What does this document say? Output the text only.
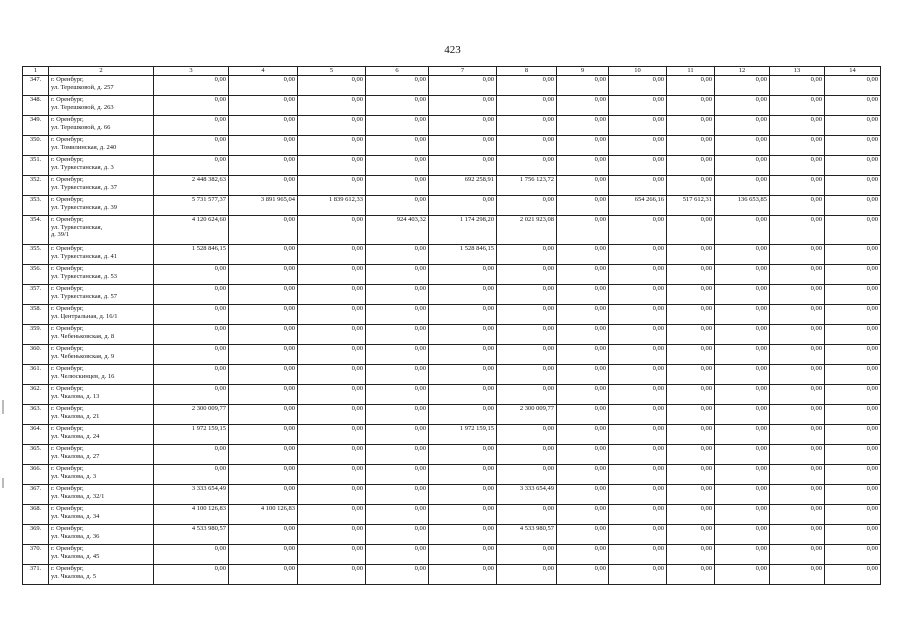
423
1	2	3	4	5	6	7	8	9	10	11	12	13	14
347.	г. Оренбург,
ул. Терешковой, д. 257	0,00	0,00	0,00	0,00	0,00	0,00	0,00	0,00	0,00	0,00	0,00	0,00
348.	г. Оренбург,
ул. Терешковой, д. 263	0,00	0,00	0,00	0,00	0,00	0,00	0,00	0,00	0,00	0,00	0,00	0,00
349.	г. Оренбург,
ул. Терешковой, д. 66	0,00	0,00	0,00	0,00	0,00	0,00	0,00	0,00	0,00	0,00	0,00	0,00
350.	г. Оренбург,
ул. Томилинская, д. 240	0,00	0,00	0,00	0,00	0,00	0,00	0,00	0,00	0,00	0,00	0,00	0,00
351.	г. Оренбург,
ул. Туркестанская, д. 3	0,00	0,00	0,00	0,00	0,00	0,00	0,00	0,00	0,00	0,00	0,00	0,00
352.	г. Оренбург,
ул. Туркестанская, д. 37	2 448 382,63	0,00	0,00	0,00	692 258,91	1 756 123,72	0,00	0,00	0,00	0,00	0,00	0,00
353.	г. Оренбург,
ул. Туркестанская, д. 39	5 731 577,37	3 891 965,04	1 839 612,33	0,00	0,00	0,00	0,00	654 266,16	517 612,31	136 653,85	0,00	0,00
354.	г. Оренбург,
ул. Туркестанская,
д. 39/1	4 120 624,60	0,00	0,00	924 403,32	1 174 298,20	2 021 923,08	0,00	0,00	0,00	0,00	0,00	0,00
355.	г. Оренбург,
ул. Туркестанская, д. 41	1 528 846,15	0,00	0,00	0,00	1 528 846,15	0,00	0,00	0,00	0,00	0,00	0,00	0,00
356.	г. Оренбург,
ул. Туркестанская, д. 53	0,00	0,00	0,00	0,00	0,00	0,00	0,00	0,00	0,00	0,00	0,00	0,00
357.	г. Оренбург,
ул. Туркестанская, д. 57	0,00	0,00	0,00	0,00	0,00	0,00	0,00	0,00	0,00	0,00	0,00	0,00
358.	г. Оренбург,
ул. Центральная, д. 16/1	0,00	0,00	0,00	0,00	0,00	0,00	0,00	0,00	0,00	0,00	0,00	0,00
359.	г. Оренбург,
ул. Чебеньковская, д. 8	0,00	0,00	0,00	0,00	0,00	0,00	0,00	0,00	0,00	0,00	0,00	0,00
360.	г. Оренбург,
ул. Чебеньковская, д. 9	0,00	0,00	0,00	0,00	0,00	0,00	0,00	0,00	0,00	0,00	0,00	0,00
361.	г. Оренбург,
ул. Челюскинцев, д. 16	0,00	0,00	0,00	0,00	0,00	0,00	0,00	0,00	0,00	0,00	0,00	0,00
362.	г. Оренбург,
ул. Чкалова, д. 13	0,00	0,00	0,00	0,00	0,00	0,00	0,00	0,00	0,00	0,00	0,00	0,00
363.	г. Оренбург,
ул. Чкалова, д. 21	2 300 009,77	0,00	0,00	0,00	0,00	2 300 009,77	0,00	0,00	0,00	0,00	0,00	0,00
364.	г. Оренбург,
ул. Чкалова, д. 24	1 972 159,15	0,00	0,00	0,00	1 972 159,15	0,00	0,00	0,00	0,00	0,00	0,00	0,00
365.	г. Оренбург,
ул. Чкалова, д. 27	0,00	0,00	0,00	0,00	0,00	0,00	0,00	0,00	0,00	0,00	0,00	0,00
366.	г. Оренбург,
ул. Чкалова, д. 3	0,00	0,00	0,00	0,00	0,00	0,00	0,00	0,00	0,00	0,00	0,00	0,00
367.	г. Оренбург,
ул. Чкалова, д. 32/1	3 333 654,49	0,00	0,00	0,00	0,00	3 333 654,49	0,00	0,00	0,00	0,00	0,00	0,00
368.	г. Оренбург,
ул. Чкалова, д. 34	4 100 126,83	4 100 126,83	0,00	0,00	0,00	0,00	0,00	0,00	0,00	0,00	0,00	0,00
369.	г. Оренбург,
ул. Чкалова, д. 36	4 533 980,57	0,00	0,00	0,00	0,00	4 533 980,57	0,00	0,00	0,00	0,00	0,00	0,00
370.	г. Оренбург,
ул. Чкалова, д. 45	0,00	0,00	0,00	0,00	0,00	0,00	0,00	0,00	0,00	0,00	0,00	0,00
371.	г. Оренбург,
ул. Чкалова, д. 5	0,00	0,00	0,00	0,00	0,00	0,00	0,00	0,00	0,00	0,00	0,00	0,00
